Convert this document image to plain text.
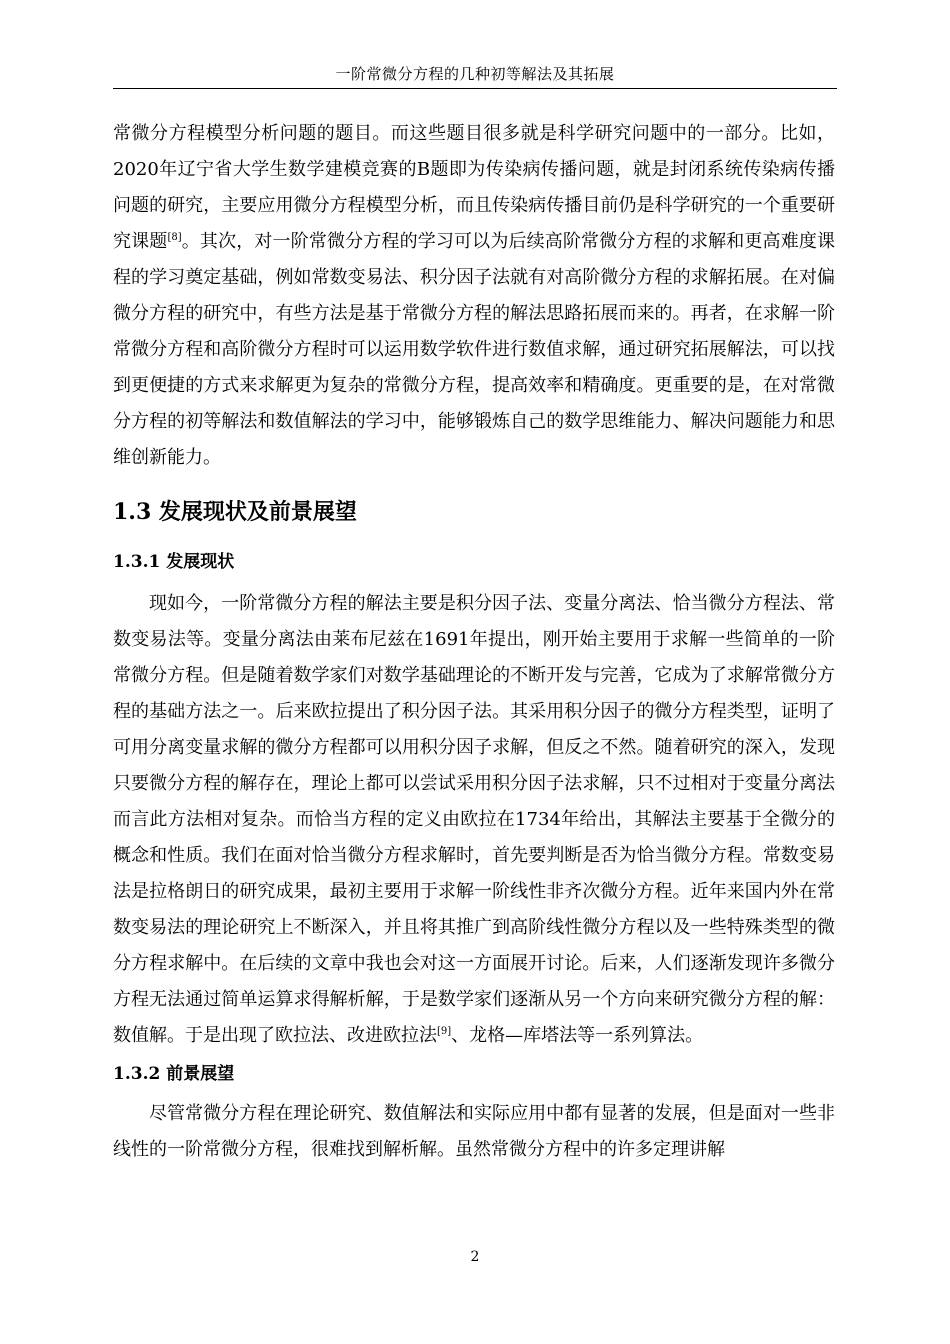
一阶常微分方程的几种初等解法及其拓展

常微分方程模型分析问题的题目。而这些题目很多就是科学研究问题中的一部分。比如，2020年辽宁省大学生数学建模竞赛的B题即为传染病传播问题，就是封闭系统传染病传播问题的研究，主要应用微分方程模型分析，而且传染病传播目前仍是科学研究的一个重要研究课题[8]。其次，对一阶常微分方程的学习可以为后续高阶常微分方程的求解和更高难度课程的学习奠定基础，例如常数变易法、积分因子法就有对高阶微分方程的求解拓展。在对偏微分方程的研究中，有些方法是基于常微分方程的解法思路拓展而来的。再者，在求解一阶常微分方程和高阶微分方程时可以运用数学软件进行数值求解，通过研究拓展解法，可以找到更便捷的方式来求解更为复杂的常微分方程，提高效率和精确度。更重要的是，在对常微分方程的初等解法和数值解法的学习中，能够锻炼自己的数学思维能力、解决问题能力和思维创新能力。

1.3 发展现状及前景展望
1.3.1 发展现状

现如今，一阶常微分方程的解法主要是积分因子法、变量分离法、恰当微分方程法、常数变易法等。变量分离法由莱布尼兹在1691年提出，刚开始主要用于求解一些简单的一阶常微分方程。但是随着数学家们对数学基础理论的不断开发与完善，它成为了求解常微分方程的基础方法之一。后来欧拉提出了积分因子法。其采用积分因子的微分方程类型，证明了可用分离变量求解的微分方程都可以用积分因子求解，但反之不然。随着研究的深入，发现只要微分方程的解存在，理论上都可以尝试采用积分因子法求解，只不过相对于变量分离法而言此方法相对复杂。而恰当方程的定义由欧拉在1734年给出，其解法主要基于全微分的概念和性质。我们在面对恰当微分方程求解时，首先要判断是否为恰当微分方程。常数变易法是拉格朗日的研究成果，最初主要用于求解一阶线性非齐次微分方程。近年来国内外在常数变易法的理论研究上不断深入，并且将其推广到高阶线性微分方程以及一些特殊类型的微分方程求解中。在后续的文章中我也会对这一方面展开讨论。后来，人们逐渐发现许多微分方程无法通过简单运算求得解析解，于是数学家们逐渐从另一个方向来研究微分方程的解：数值解。于是出现了欧拉法、改进欧拉法[9]、龙格—库塔法等一系列算法。

1.3.2 前景展望

尽管常微分方程在理论研究、数值解法和实际应用中都有显著的发展，但是面对一些非线性的一阶常微分方程，很难找到解析解。虽然常微分方程中的许多定理讲解

2
